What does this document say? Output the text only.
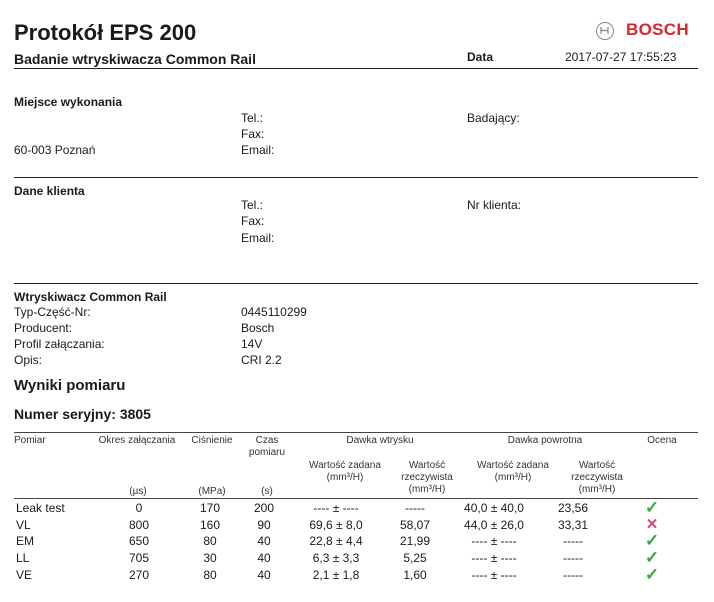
Protokół EPS 200
Badanie wtryskiwacza Common Rail	Data	2017-07-27 17:55:23
BOSCH
Miejsce wykonania
Tel.:
Fax:
Email:
Badający:
60-003 Poznań
Dane klienta
Tel.:
Fax:
Email:
Nr klienta:
Wtryskiwacz Common Rail
Typ-Część-Nr:	0445110299
Producent:	Bosch
Profil załączania:	14V
Opis:	CRI 2.2
Wyniki pomiaru
Numer seryjny: 3805
Pomiar	Okres załączania	Ciśnienie	Czas pomiaru
Dawka wtrysku	Dawka powrotna	Ocena
Wartość zadana (mm³/H)
Wartość rzeczywista (mm³/H)
Wartość zadana (mm³/H)
Wartość rzeczywista (mm³/H)
(µs)	(MPa)	(s)
Leak test	0	170	200	---- ± ----	-----	40,0 ± 40,0	23,56	✓
VL	800	160	90	69,6 ± 8,0	58,07	44,0 ± 26,0	33,31	✕
EM	650	80	40	22,8 ± 4,4	21,99	---- ± ----	-----	✓
LL	705	30	40	6,3 ± 3,3	5,25	---- ± ----	-----	✓
VE	270	80	40	2,1 ± 1,8	1,60	---- ± ----	-----	✓
